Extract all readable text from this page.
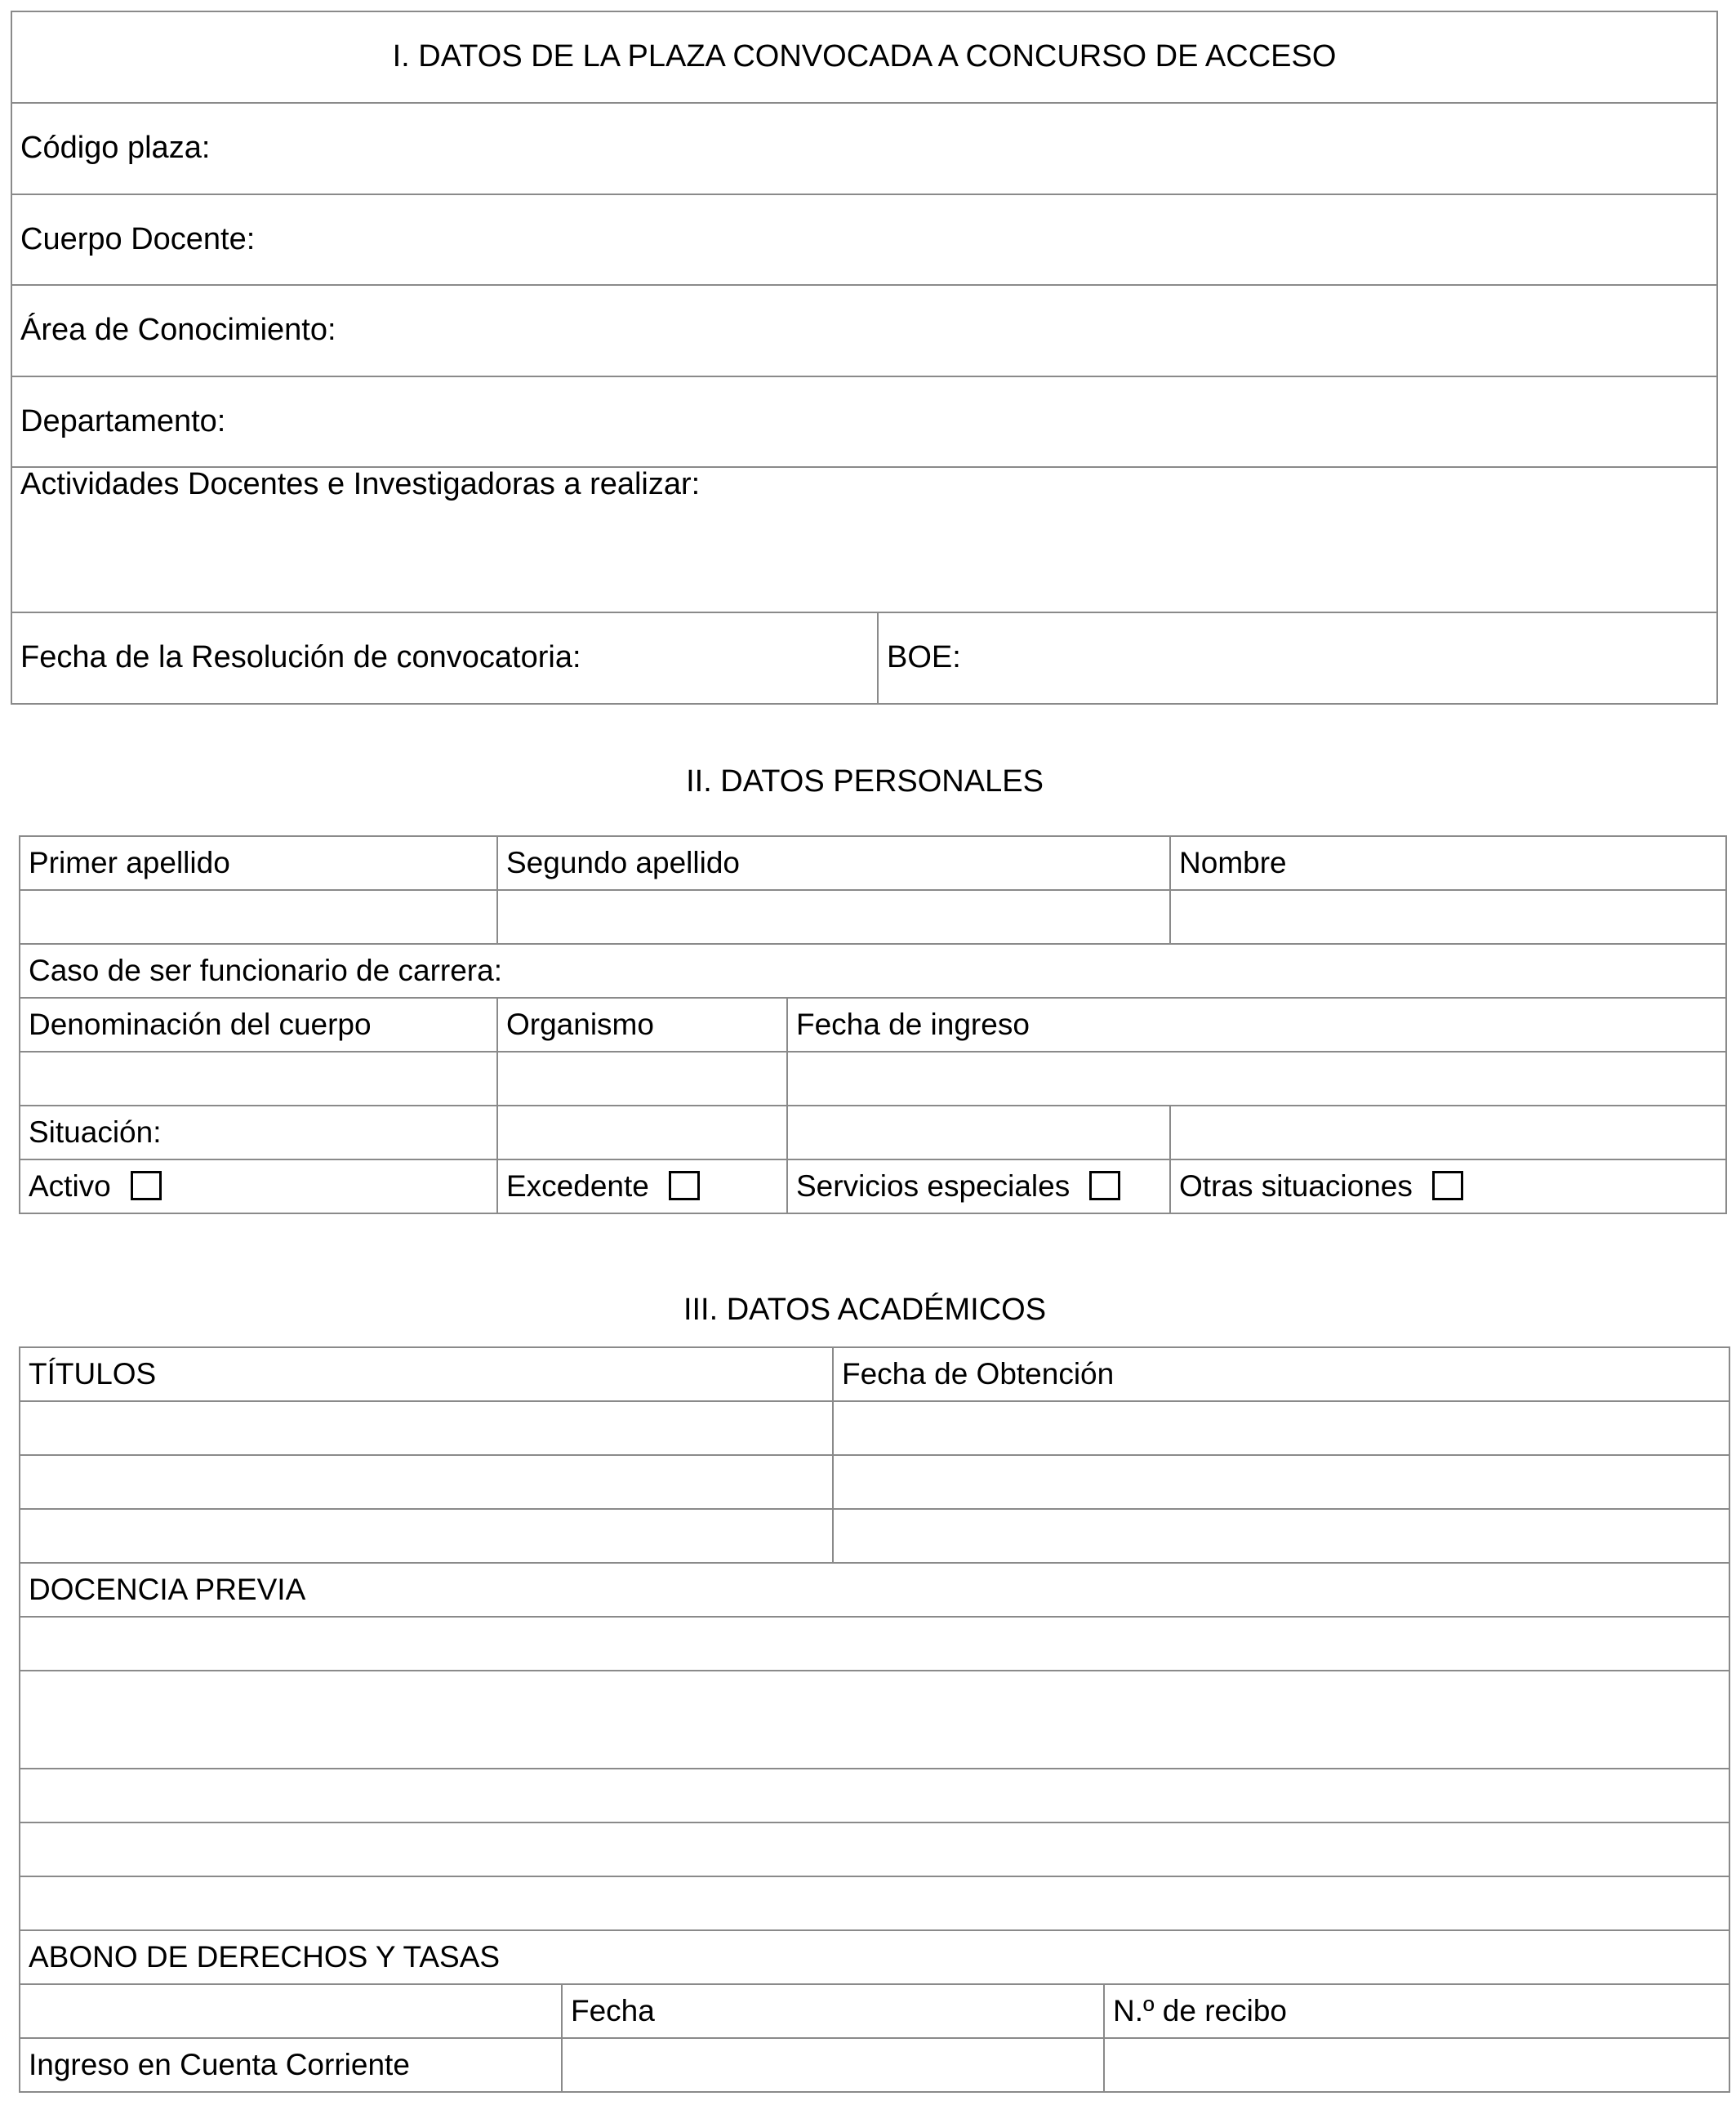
I. DATOS DE LA PLAZA CONVOCADA A CONCURSO DE ACCESO
Código plaza:
Cuerpo Docente:
Área de Conocimiento:
Departamento:
Actividades Docentes e Investigadoras a realizar:
Fecha de la Resolución de convocatoria:	BOE:
II. DATOS PERSONALES
Primer apellido	Segundo apellido		Nombre

Caso de ser funcionario de carrera:			
Denominación del cuerpo	Organismo	Fecha de ingreso	

Situación:			
Activo	Excedente	Servicios especiales	Otras situaciones
III. DATOS ACADÉMICOS
TÍTULOS		Fecha de Obtención	

DOCENCIA PREVIA			

ABONO DE DERECHOS Y TASAS			
	Fecha		N.º de recibo
Ingreso en Cuenta Corriente			
